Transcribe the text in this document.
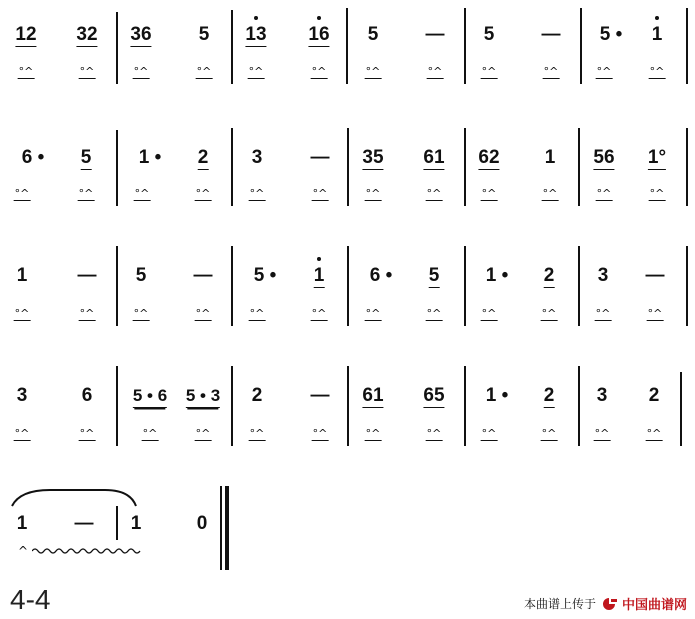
12 32
°^	°^
36 5
°^	°^
13 16
°^	°^
5 —
°^	°^
5 —
°^	°^
5 • 1
°^	°^
6 • 5
°^	°^
1 • 2
°^	°^
3	—
°^	°^
35 61
°^	°^
62 1
°^	°^
56 1°
°^	°^
1	—
°^	°^
5 —
°^	°^
5 • 1
°^	°^
6 • 5
°^	°^
1 • 2
°^	°^
3 —
°^	°^
3	6
°^	°^
5 • 6 5 • 3
°^	°^
2	—
°^	°^
61 65
°^	°^
1 • 2
°^	°^
3 2
°^	°^
1 —
^
1	0
4-4	本曲谱上传于 中国曲谱网
